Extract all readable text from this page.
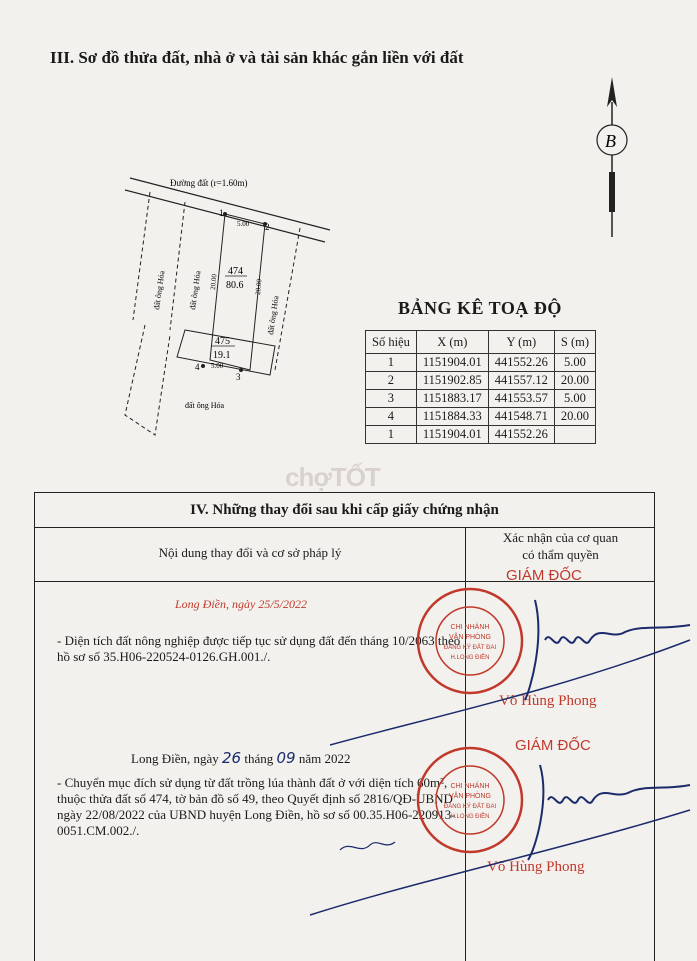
III. Sơ đồ thửa đất, nhà ở và tài sản khác gắn liền với đất
Đường đất (r=1.60m)
1
2
3
4
5.00
5.00
20.00	20.00
474
80.6
475
19.1
đất ông Hóa	đất ông Hóa
đất ông Hóa
đất ông Hóa
B
BẢNG KÊ TOẠ ĐỘ
Số hiệu	X (m)	Y (m)	S (m)
1	1151904.01	441552.26	5.00
2	1151902.85	441557.12	20.00
3	1151883.17	441553.57	5.00
4	1151884.33	441548.71	20.00
1	1151904.01	441552.26	
chợTỐT
IV. Những thay đổi sau khi cấp giấy chứng nhận
Nội dung thay đổi và cơ sở pháp lý
Xác nhận của cơ quan
có thẩm quyền
Long Điền, ngày 25/5/2022
- Diện tích đất nông nghiệp được tiếp tục sử dụng đất đến tháng 10/2063 theo hồ sơ số 35.H06-220524-0126.GH.001./.
Long Điền, ngày 26 tháng 09 năm 2022
- Chuyển mục đích sử dụng từ đất trồng lúa thành đất ở với diện tích 60m², thuộc thửa đất số 474, tờ bản đồ số 49, theo Quyết định số 2816/QĐ-UBND ngày 22/08/2022 của UBND huyện Long Điền, hồ sơ số 00.35.H06-220913-0051.CM.002./.
GIÁM ĐỐC
Võ Hùng Phong
GIÁM ĐỐC
Võ Hùng Phong
CHI NHÁNH
VĂN PHÒNG
ĐĂNG KÝ ĐẤT ĐAI
H.LONG ĐIỀN
CHI NHÁNH
VĂN PHÒNG
ĐĂNG KÝ ĐẤT ĐAI
H.LONG ĐIỀN
